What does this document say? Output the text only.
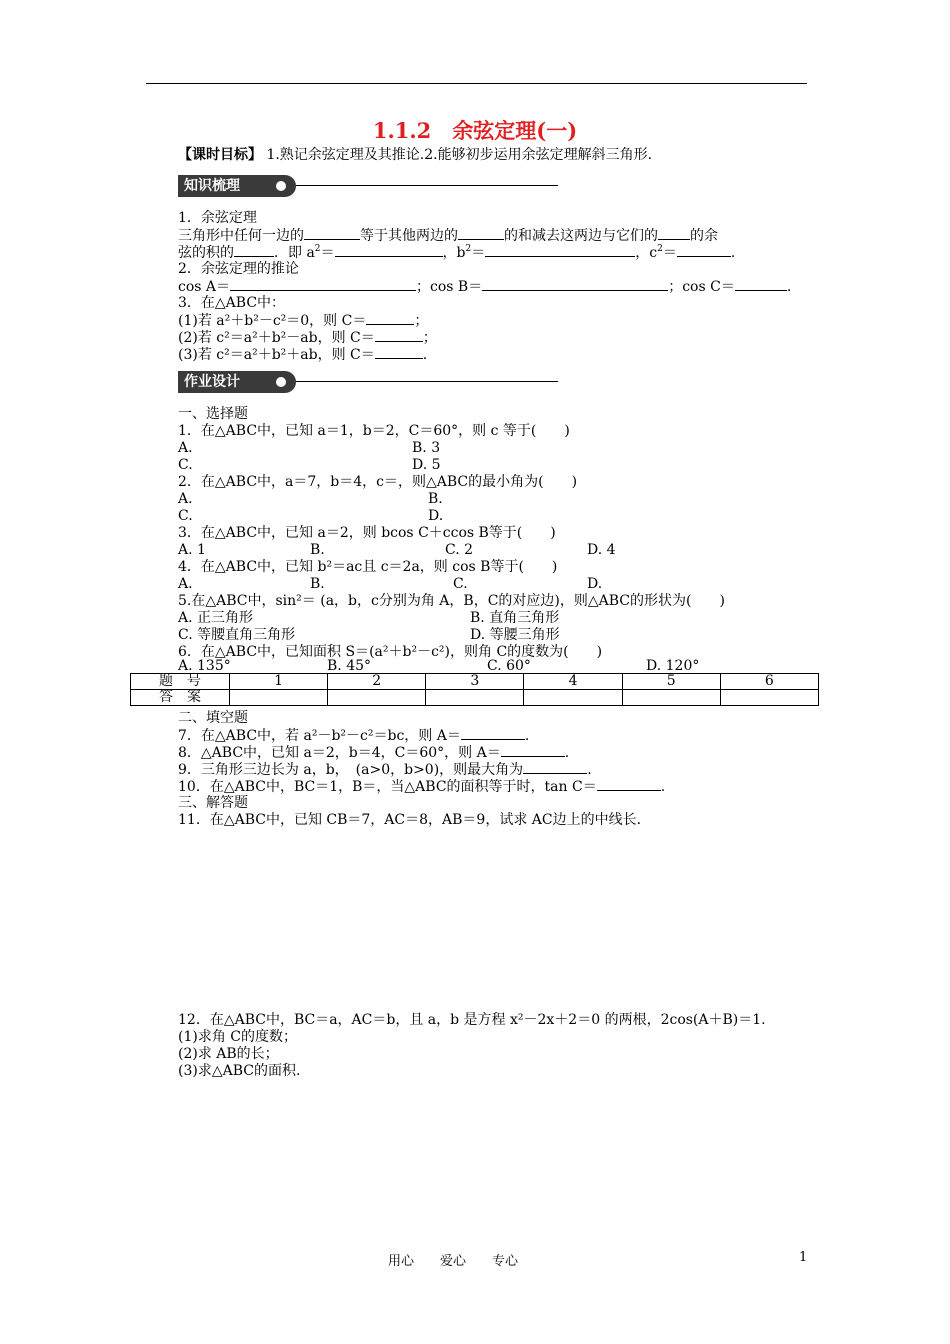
1.1.2　余弦定理(一)
【课时目标】 1.熟记余弦定理及其推论.2.能够初步运用余弦定理解斜三角形.
知识梳理
1．余弦定理
三角形中任何一边的	等于其他两边的	的和减去这两边与它们的 的余
弦的积的	．即 $a^2=$	，$b^2=$	，$c^2=$	.
2．余弦定理的推论
cos A＝	；cos B＝	；cos C＝	.
3．在△ABC中：
(1)若 a²＋b²－c²＝0，则 C＝	；
(2)若 c²＝a²＋b²－ab，则 C＝	；
(3)若 c²＝a²＋b²＋ab，则 C＝	.
作业设计
一、选择题
1．在△ABC中，已知 a＝1，b＝2，C＝60°，则 c 等于(　　)
A.	B. 3
C.	D. 5
2．在△ABC中，a＝7，b＝4，c＝，则△ABC的最小角为(　　)
A.	B.
C.	D.
3．在△ABC中，已知 a＝2，则 bcos C＋ccos B等于(　　)
A. 1	B.	C. 2	D. 4
4．在△ABC中，已知 b²＝ac且 c＝2a，则 cos B等于(　　)
A.	B.	C.	D.
5.在△ABC中，sin²＝ (a，b，c分别为角 A，B，C的对应边)，则△ABC的形状为(　　)
A. 正三角形	B. 直角三角形
C. 等腰直角三角形	D. 等腰三角形
6．在△ABC中，已知面积 S＝(a²＋b²－c²)，则角 C的度数为(　　)
A. 135°	B. 45°	C. 60°	D. 120°
题　号	1	2	3	4	5	6
答　案						
二、填空题
7．在△ABC中，若 a²－b²－c²＝bc，则 A＝	.
8．△ABC中，已知 a＝2，b＝4，C＝60°，则 A＝	.
9．三角形三边长为 a，b，　(a>0，b>0)，则最大角为	.
10．在△ABC中，BC＝1，B＝，当△ABC的面积等于时，tan C＝	.
三、解答题
11．在△ABC中，已知 CB＝7，AC＝8，AB＝9，试求 AC边上的中线长．
12．在△ABC中，BC＝a，AC＝b，且 a，b 是方程 x²－2x＋2＝0 的两根，2cos(A＋B)＝1.
(1)求角 C的度数；
(2)求 AB的长；
(3)求△ABC的面积.
用心　　爱心　　专心	1
